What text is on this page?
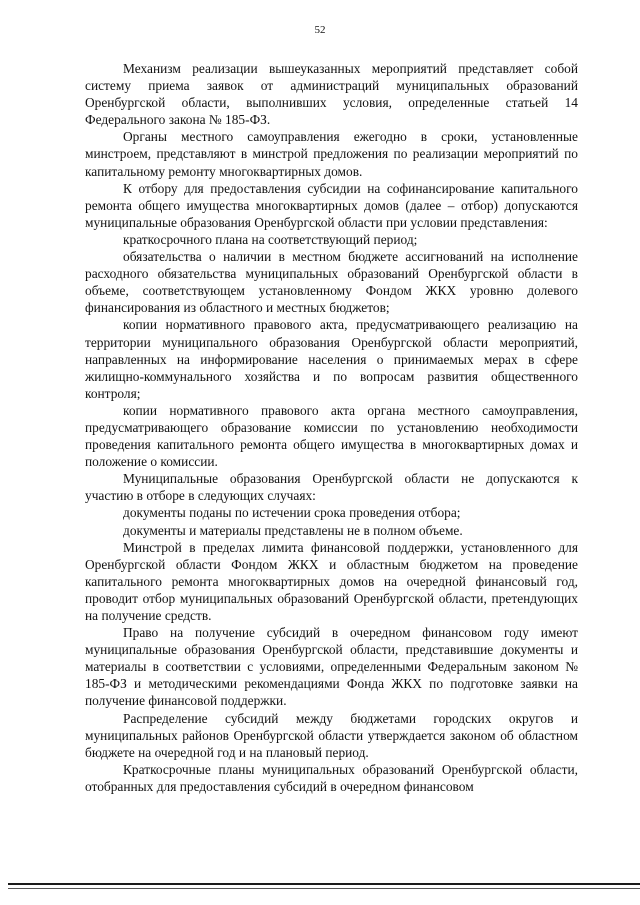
52

Механизм реализации вышеуказанных мероприятий представляет собой систему приема заявок от администраций муниципальных образований Оренбургской области, выполнивших условия, определенные статьей 14 Федерального закона № 185-ФЗ.

Органы местного самоуправления ежегодно в сроки, установленные минстроем, представляют в минстрой предложения по реализации мероприятий по капитальному ремонту многоквартирных домов.

К отбору для предоставления субсидии на софинансирование капитального ремонта общего имущества многоквартирных домов (далее – отбор) допускаются муниципальные образования Оренбургской области при условии представления:

краткосрочного плана на соответствующий период;

обязательства о наличии в местном бюджете ассигнований на исполнение расходного обязательства муниципальных образований Оренбургской области в объеме, соответствующем установленному Фондом ЖКХ уровню долевого финансирования из областного и местных бюджетов;

копии нормативного правового акта, предусматривающего реализацию на территории муниципального образования Оренбургской области мероприятий, направленных на информирование населения о принимаемых мерах в сфере жилищно-коммунального хозяйства и по вопросам развития общественного контроля;

копии нормативного правового акта органа местного самоуправления, предусматривающего образование комиссии по установлению необходимости проведения капитального ремонта общего имущества в многоквартирных домах и положение о комиссии.

Муниципальные образования Оренбургской области не допускаются к участию в отборе в следующих случаях:

документы поданы по истечении срока проведения отбора;

документы и материалы представлены не в полном объеме.

Минстрой в пределах лимита финансовой поддержки, установленного для Оренбургской области Фондом ЖКХ и областным бюджетом на проведение капитального ремонта многоквартирных домов на очередной финансовый год, проводит отбор муниципальных образований Оренбургской области, претендующих на получение средств.

Право на получение субсидий в очередном финансовом году имеют муниципальные образования Оренбургской области, представившие документы и материалы в соответствии с условиями, определенными Федеральным законом № 185-ФЗ и методическими рекомендациями Фонда ЖКХ по подготовке заявки на получение финансовой поддержки.

Распределение субсидий между бюджетами городских округов и муниципальных районов Оренбургской области утверждается законом об областном бюджете на очередной год и на плановый период.

Краткосрочные планы муниципальных образований Оренбургской области, отобранных для предоставления субсидий в очередном финансовом
